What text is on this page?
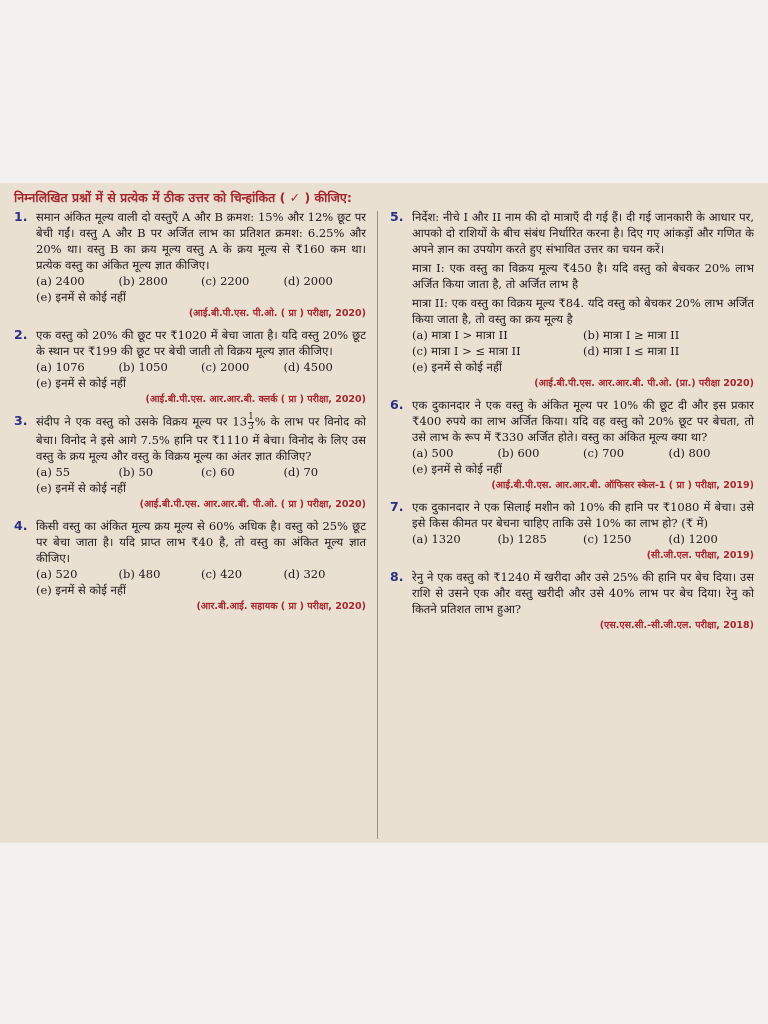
निम्नलिखित प्रश्नों में से प्रत्येक में ठीक उत्तर को चिन्हांकित ( ✓ ) कीजिए:
1. समान अंकित मूल्य वाली दो वस्तुएँ A और B क्रमश: 15% और 12% छूट पर बेची गईं। वस्तु A और B पर अर्जित लाभ का प्रतिशत क्रमश: 6.25% और 20% था। वस्तु B का क्रय मूल्य वस्तु A के क्रय मूल्य से ₹160 कम था। प्रत्येक वस्तु का अंकित मूल्य ज्ञात कीजिए।

(a) 2400	(b) 2800	(c) 2200	(d) 2000
(e) इनमें से कोई नहीं
(आई.बी.पी.एस. पी.ओ. ( प्रा ) परीक्षा, 2020)
2. एक वस्तु को 20% की छूट पर ₹1020 में बेचा जाता है। यदि वस्तु 20% छूट के स्थान पर ₹199 की छूट पर बेची जाती तो विक्रय मूल्य ज्ञात कीजिए।

(a) 1076	(b) 1050	(c) 2000	(d) 4500
(e) इनमें से कोई नहीं
(आई.बी.पी.एस. आर.आर.बी. क्लर्क ( प्रा ) परीक्षा, 2020)
3. संदीप ने एक वस्तु को उसके विक्रय मूल्य पर $13 \frac{1}{3}$ % के लाभ पर विनोद को बेचा। विनोद ने इसे आगे 7.5% हानि पर ₹1110 में बेचा। विनोद के लिए उस वस्तु के क्रय मूल्य और वस्तु के विक्रय मूल्य का अंतर ज्ञात कीजिए?

(a) 55	(b) 50	(c) 60	(d) 70
(e) इनमें से कोई नहीं
(आई.बी.पी.एस. आर.आर.बी. पी.ओ. ( प्रा ) परीक्षा, 2020)
4. किसी वस्तु का अंकित मूल्य क्रय मूल्य से 60% अधिक है। वस्तु को 25% छूट पर बेचा जाता है। यदि प्राप्त लाभ ₹40 है, तो वस्तु का अंकित मूल्य ज्ञात कीजिए।

(a) 520	(b) 480	(c) 420	(d) 320
(e) इनमें से कोई नहीं
(आर.बी.आई. सहायक ( प्रा ) परीक्षा, 2020)
5. निर्देश: नीचे I और II नाम की दो मात्राएँ दी गई हैं। दी गई जानकारी के आधार पर, आपको दो राशियों के बीच संबंध निर्धारित करना है। दिए गए आंकड़ों और गणित के अपने ज्ञान का उपयोग करते हुए संभावित उत्तर का चयन करें।

मात्रा I: एक वस्तु का विक्रय मूल्य ₹450 है। यदि वस्तु को बेचकर 20% लाभ अर्जित किया जाता है, तो अर्जित लाभ है

मात्रा II: एक वस्तु का विक्रय मूल्य ₹84. यदि वस्तु को बेचकर 20% लाभ अर्जित किया जाता है, तो वस्तु का क्रय मूल्य है

(a) मात्रा I > मात्रा II	(b) मात्रा I ≥ मात्रा II
(c) मात्रा I > ≤ मात्रा II	(d) मात्रा I ≤ मात्रा II
(e) इनमें से कोई नहीं
(आई.बी.पी.एस. आर.आर.बी. पी.ओ. (प्रा.) परीक्षा 2020)
6. एक दुकानदार ने एक वस्तु के अंकित मूल्य पर 10% की छूट दी और इस प्रकार ₹400 रुपये का लाभ अर्जित किया। यदि वह वस्तु को 20% छूट पर बेचता, तो उसे लाभ के रूप में ₹330 अर्जित होते। वस्तु का अंकित मूल्य क्या था?

(a) 500	(b) 600	(c) 700	(d) 800
(e) इनमें से कोई नहीं
(आई.बी.पी.एस. आर.आर.बी. ऑफिसर स्केल-1 ( प्रा ) परीक्षा, 2019)
7. एक दुकानदार ने एक सिलाई मशीन को 10% की हानि पर ₹1080 में बेचा। उसे इसे किस कीमत पर बेचना चाहिए ताकि उसे 10% का लाभ हो? (₹ में)

(a) 1320	(b) 1285	(c) 1250	(d) 1200
(सी.जी.एल. परीक्षा, 2019)
8. रेनु ने एक वस्तु को ₹1240 में खरीदा और उसे 25% की हानि पर बेच दिया। उस राशि से उसने एक और वस्तु खरीदी और उसे 40% लाभ पर बेच दिया। रेनु को कितने प्रतिशत लाभ हुआ?

(एस.एस.सी.-सी.जी.एल. परीक्षा, 2018)
